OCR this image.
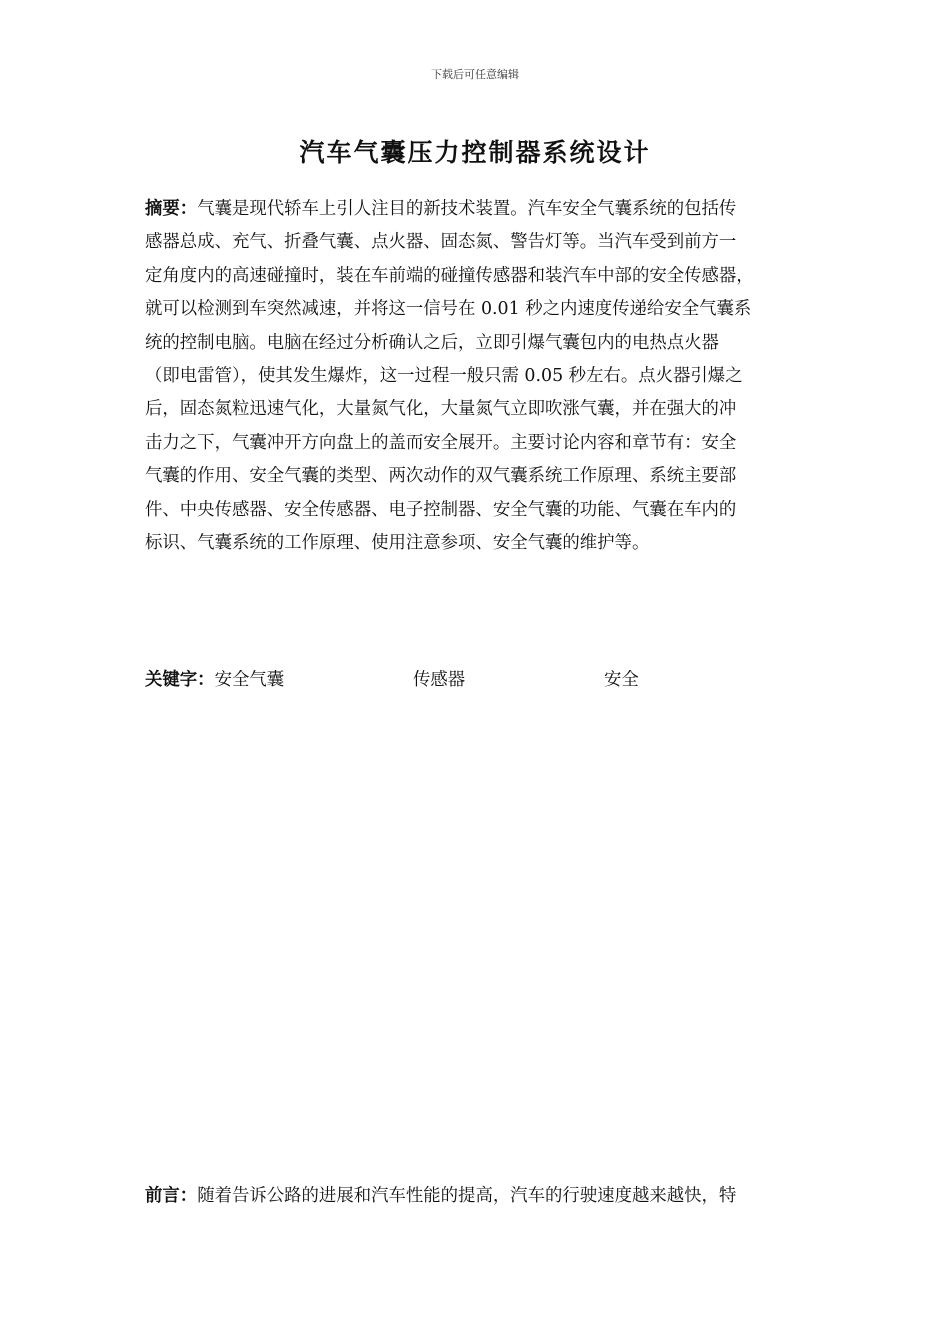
下载后可任意编辑
汽车气囊压力控制器系统设计
摘要：气囊是现代轿车上引人注目的新技术装置。汽车安全气囊系统的包括传
感器总成、充气、折叠气囊、点火器、固态氮、警告灯等。当汽车受到前方一
定角度内的高速碰撞时，装在车前端的碰撞传感器和装汽车中部的安全传感器，
就可以检测到车突然减速，并将这一信号在 0.01 秒之内速度传递给安全气囊系
统的控制电脑。电脑在经过分析确认之后，立即引爆气囊包内的电热点火器
（即电雷管），使其发生爆炸，这一过程一般只需 0.05 秒左右。点火器引爆之
后，固态氮粒迅速气化，大量氮气化，大量氮气立即吹涨气囊，并在强大的冲
击力之下，气囊冲开方向盘上的盖而安全展开。主要讨论内容和章节有：安全
气囊的作用、安全气囊的类型、两次动作的双气囊系统工作原理、系统主要部
件、中央传感器、安全传感器、电子控制器、安全气囊的功能、气囊在车内的
标识、气囊系统的工作原理、使用注意参项、安全气囊的维护等。
关键字：安全气囊	传感器	安全
前言：随着告诉公路的进展和汽车性能的提高，汽车的行驶速度越来越快，特
